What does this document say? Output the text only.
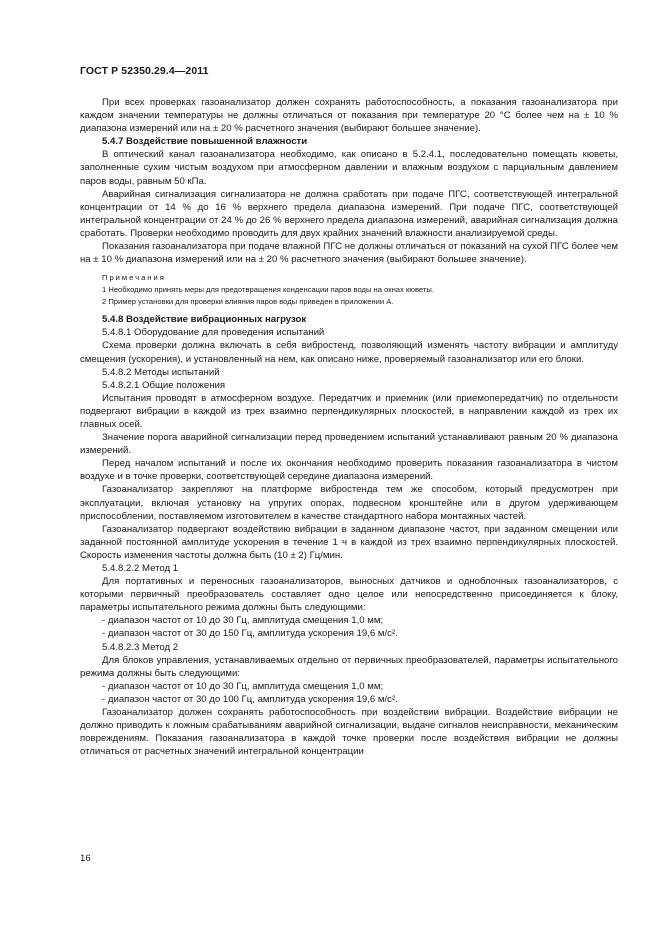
ГОСТ Р 52350.29.4—2011

При всех проверках газоанализатор должен сохранять работоспособность, а показания газоанализатора при каждом значении температуры не должны отличаться от показания при температуре 20 °С более чем на ± 10 % диапазона измерений или на ± 20 % расчетного значения (выбирают большее значение).

5.4.7 Воздействие повышенной влажности

В оптический канал газоанализатора необходимо, как описано в 5.2.4.1, последовательно помещать кюветы, заполненные сухим чистым воздухом при атмосферном давлении и влажным воздухом с парциальным давлением паров воды, равным 50 кПа.

Аварийная сигнализация сигнализатора не должна сработать при подаче ПГС, соответствующей интегральной концентрации от 14 % до 16 % верхнего предела диапазона измерений. При подаче ПГС, соответствующей интегральной концентрации от 24 % до 26 % верхнего предела диапазона измерений, аварийная сигнализация должна сработать. Проверки необходимо проводить для двух крайних значений влажности анализируемой среды.

Показания газоанализатора при подаче влажной ПГС не должны отличаться от показаний на сухой ПГС более чем на ± 10 % диапазона измерений или на ± 20 % расчетного значения (выбирают большее значение).

Примечания

1 Необходимо принять меры для предотвращения конденсации паров воды на окнах кюветы.

2 Пример установки для проверки влияния паров воды приведен в приложении А.

5.4.8 Воздействие вибрационных нагрузок

5.4.8.1 Оборудование для проведения испытаний

Схема проверки должна включать в себя вибростенд, позволяющий изменять частоту вибрации и амплитуду смещения (ускорения), и установленный на нем, как описано ниже, проверяемый газоанализатор или его блоки.

5.4.8.2 Методы испытаний

5.4.8.2.1 Общие положения

Испытания проводят в атмосферном воздухе. Передатчик и приемник (или приемопередатчик) по отдельности подвергают вибрации в каждой из трех взаимно перпендикулярных плоскостей, в направлении каждой из трех их главных осей.

Значение порога аварийной сигнализации перед проведением испытаний устанавливают равным 20 % диапазона измерений.

Перед началом испытаний и после их окончания необходимо проверить показания газоанализатора в чистом воздухе и в точке проверки, соответствующей середине диапазона измерений.

Газоанализатор закрепляют на платформе вибростенда тем же способом, который предусмотрен при эксплуатации, включая установку на упругих опорах, подвесном кронштейне или в другом удерживающем приспособлении, поставляемом изготовителем в качестве стандартного набора монтажных частей.

Газоанализатор подвергают воздействию вибрации в заданном диапазоне частот, при заданном смещении или заданной постоянной амплитуде ускорения в течение 1 ч в каждой из трех взаимно перпендикулярных плоскостей. Скорость изменения частоты должна быть (10 ± 2) Гц/мин.

5.4.8.2.2 Метод 1

Для портативных и переносных газоанализаторов, выносных датчиков и одноблочных газоанализаторов, с которыми первичный преобразователь составляет одно целое или непосредственно присоединяется к блоку, параметры испытательного режима должны быть следующими:

- диапазон частот от 10 до 30 Гц, амплитуда смещения 1,0 мм;

- диапазон частот от 30 до 150 Гц, амплитуда ускорения 19,6 м/с².

5.4.8.2.3 Метод 2

Для блоков управления, устанавливаемых отдельно от первичных преобразователей, параметры испытательного режима должны быть следующими:

- диапазон частот от 10 до 30 Гц, амплитуда смещения 1,0 мм;

- диапазон частот от 30 до 100 Гц, амплитуда ускорения 19,6 м/с².

Газоанализатор должен сохранять работоспособность при воздействии вибрации. Воздействие вибрации не должно приводить к ложным срабатываниям аварийной сигнализации, выдаче сигналов неисправности, механическим повреждениям. Показания газоанализатора в каждой точке проверки после воздействия вибрации не должны отличаться от расчетных значений интегральной концентрации

16
